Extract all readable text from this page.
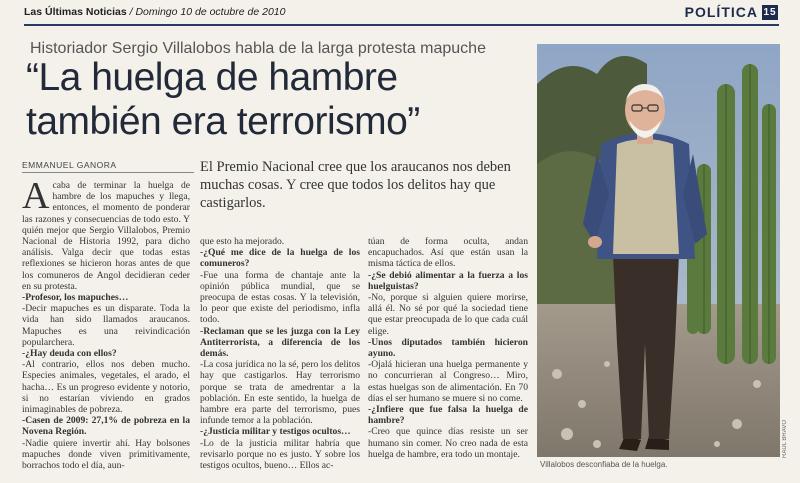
Las Últimas Noticias / Domingo 10 de octubre de 2010	POLÍTICA 15
Historiador Sergio Villalobos habla de la larga protesta mapuche
“La huelga de hambre también era terrorismo”
EMMANUEL GANORA	El Premio Nacional cree que los araucanos nos deben muchas cosas. Y cree que todos los delitos hay que castigarlos.

Acaba de terminar la huelga de hambre de los mapuches y llega, entonces, el momento de ponderar las razones y consecuencias de todo esto. Y quién mejor que Sergio Villalobos, Premio Nacional de Historia 1992, para dicho análisis. Valga decir que todas estas reflexiones se hicieron horas antes de que los comuneros de Angol decidieran ceder en su protesta.

-Profesor, los mapuches…

-Decir mapuches es un disparate. Toda la vida han sido llamados araucanos. Mapuches es una reivindicación popularchera.

-¿Hay deuda con ellos?

-Al contrario, ellos nos deben mucho. Especies animales, vegetales, el arado, el hacha… Es un progreso evidente y notorio, si no estarían viviendo en grados inimaginables de pobreza.

-Casen de 2009: 27,1% de pobreza en la Novena Región.

-Nadie quiere invertir ahí. Hay bolsones mapuches donde viven primitivamente, borrachos todo el día, aun-

que esto ha mejorado.

-¿Qué me dice de la huelga de los comuneros?

-Fue una forma de chantaje ante la opinión pública mundial, que se preocupa de estas cosas. Y la televisión, lo peor que existe del periodismo, infla todo.

-Reclaman que se les juzga con la Ley Antiterrorista, a diferencia de los demás.

-La cosa jurídica no la sé, pero los delitos hay que castigarlos. Hay terrorismo porque se trata de amedrentar a la población. En este sentido, la huelga de hambre era parte del terrorismo, pues infunde temor a la población.

-¿Justicia militar y testigos ocultos…

-Lo de la justicia militar habría que revisarlo porque no es justo. Y sobre los testigos ocultos, bueno… Ellos ac-

túan de forma oculta, andan encapuchados. Así que están usan la misma táctica de ellos.

-¿Se debió alimentar a la fuerza a los huelguistas?

-No, porque si alguien quiere morirse, allá él. No sé por qué la sociedad tiene que estar preocupada de lo que cada cuál elige.

-Unos diputados también hicieron ayuno.

-Ojalá hicieran una huelga permanente y no concurrieran al Congreso… Miro, estas huelgas son de alimentación. En 70 días el ser humano se muere si no come.

-¿Infiere que fue falsa la huelga de hambre?

-Creo que quince días resiste un ser humano sin comer. No creo nada de esta huelga de hambre, era todo un montaje.

Villalobos desconfiaba de la huelga.
RAUL BRAVO
